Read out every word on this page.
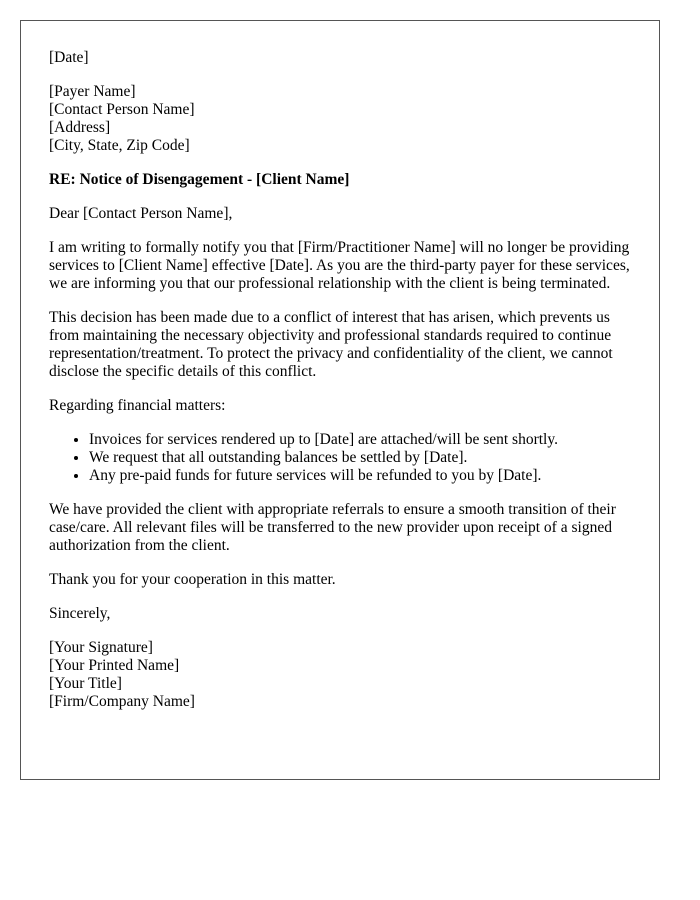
[Date]
[Payer Name]
[Contact Person Name]
[Address]
[City, State, Zip Code]

RE: Notice of Disengagement - [Client Name]

Dear [Contact Person Name],

I am writing to formally notify you that [Firm/Practitioner Name] will no longer be providing services to [Client Name] effective [Date]. As you are the third-party payer for these services, we are informing you that our professional relationship with the client is being terminated.

This decision has been made due to a conflict of interest that has arisen, which prevents us from maintaining the necessary objectivity and professional standards required to continue representation/treatment. To protect the privacy and confidentiality of the client, we cannot disclose the specific details of this conflict.

Regarding financial matters:

• Invoices for services rendered up to [Date] are attached/will be sent shortly.
• We request that all outstanding balances be settled by [Date].
• Any pre-paid funds for future services will be refunded to you by [Date].

We have provided the client with appropriate referrals to ensure a smooth transition of their case/care. All relevant files will be transferred to the new provider upon receipt of a signed authorization from the client.

Thank you for your cooperation in this matter.

Sincerely,

[Your Signature]
[Your Printed Name]
[Your Title]
[Firm/Company Name]
